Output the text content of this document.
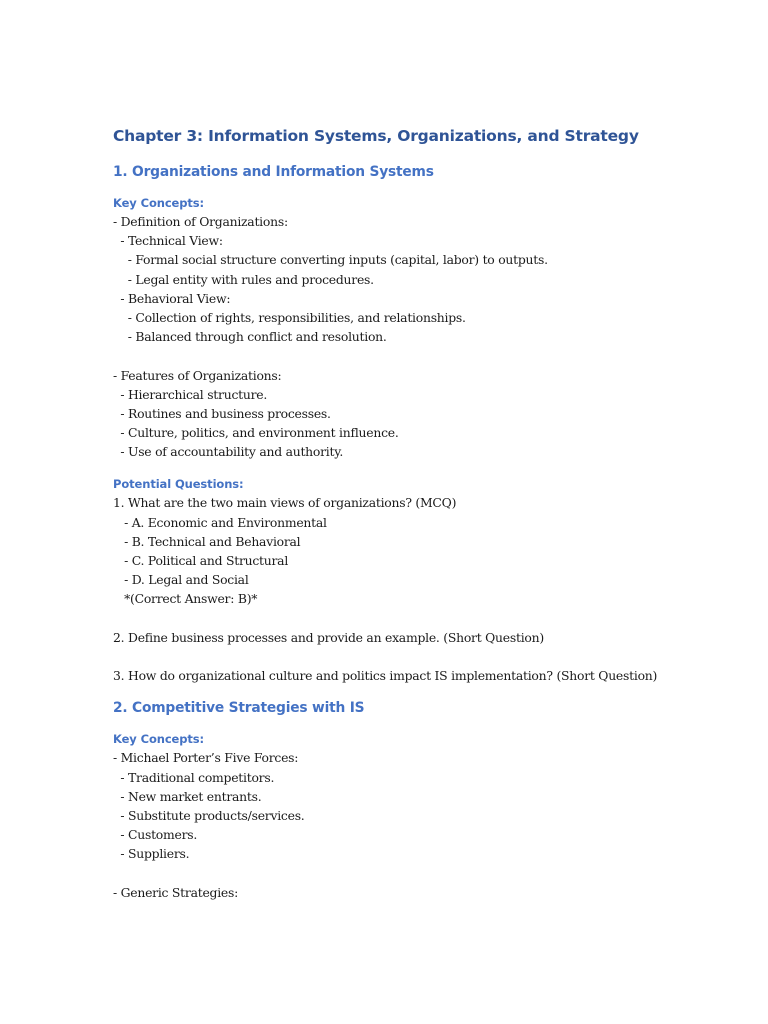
Chapter 3: Information Systems, Organizations, and Strategy
1. Organizations and Information Systems
Key Concepts:
- Definition of Organizations:
- Technical View:
- Formal social structure converting inputs (capital, labor) to outputs.
- Legal entity with rules and procedures.
- Behavioral View:
- Collection of rights, responsibilities, and relationships.
- Balanced through conflict and resolution.
- Features of Organizations:
- Hierarchical structure.
- Routines and business processes.
- Culture, politics, and environment influence.
- Use of accountability and authority.
Potential Questions:
1. What are the two main views of organizations? (MCQ)
- A. Economic and Environmental
- B. Technical and Behavioral
- C. Political and Structural
- D. Legal and Social
*(Correct Answer: B)*
2. Define business processes and provide an example. (Short Question)
3. How do organizational culture and politics impact IS implementation? (Short Question)
2. Competitive Strategies with IS
Key Concepts:
- Michael Porter’s Five Forces:
- Traditional competitors.
- New market entrants.
- Substitute products/services.
- Customers.
- Suppliers.
- Generic Strategies:
